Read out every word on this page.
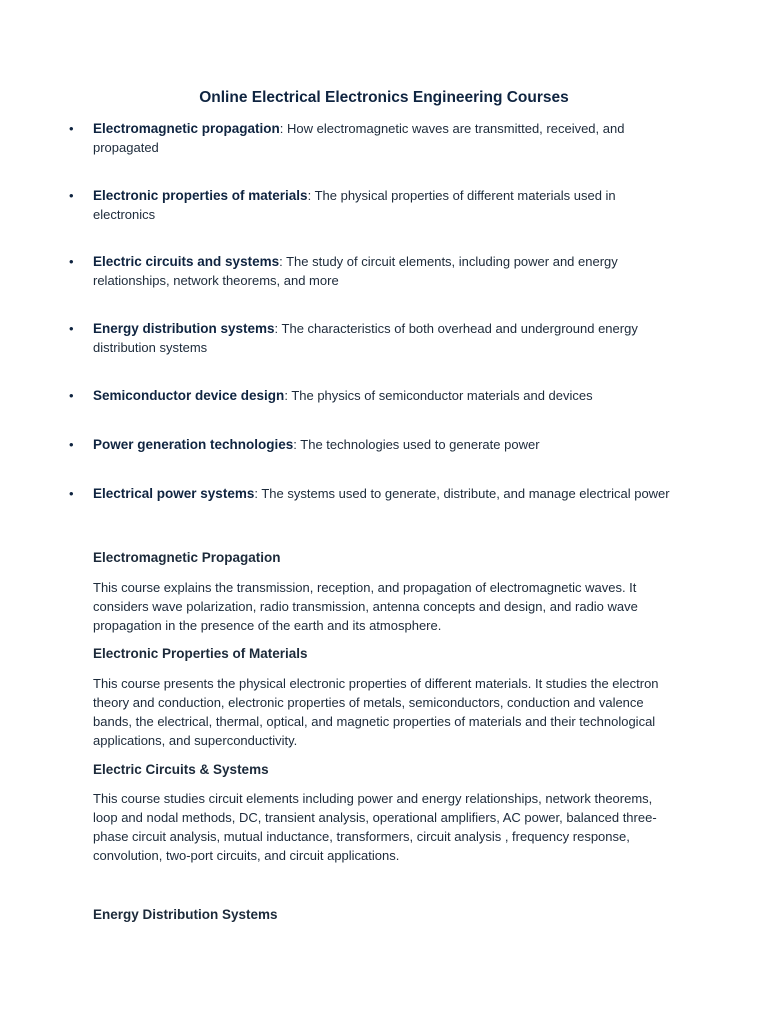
Online Electrical Electronics Engineering Courses
• Electromagnetic propagation: How electromagnetic waves are transmitted, received, and propagated
• Electronic properties of materials: The physical properties of different materials used in electronics
• Electric circuits and systems: The study of circuit elements, including power and energy relationships, network theorems, and more
• Energy distribution systems: The characteristics of both overhead and underground energy distribution systems
• Semiconductor device design: The physics of semiconductor materials and devices
• Power generation technologies: The technologies used to generate power
• Electrical power systems: The systems used to generate, distribute, and manage electrical power
Electromagnetic Propagation

This course explains the transmission, reception, and propagation of electromagnetic waves. It considers wave polarization, radio transmission, antenna concepts and design, and radio wave propagation in the presence of the earth and its atmosphere.

Electronic Properties of Materials

This course presents the physical electronic properties of different materials. It studies the electron theory and conduction, electronic properties of metals, semiconductors, conduction and valence bands, the electrical, thermal, optical, and magnetic properties of materials and their technological applications, and superconductivity.

Electric Circuits & Systems

This course studies circuit elements including power and energy relationships, network theorems, loop and nodal methods, DC, transient analysis, operational amplifiers, AC power, balanced three-phase circuit analysis, mutual inductance, transformers, circuit analysis , frequency response, convolution, two-port circuits, and circuit applications.

Energy Distribution Systems
